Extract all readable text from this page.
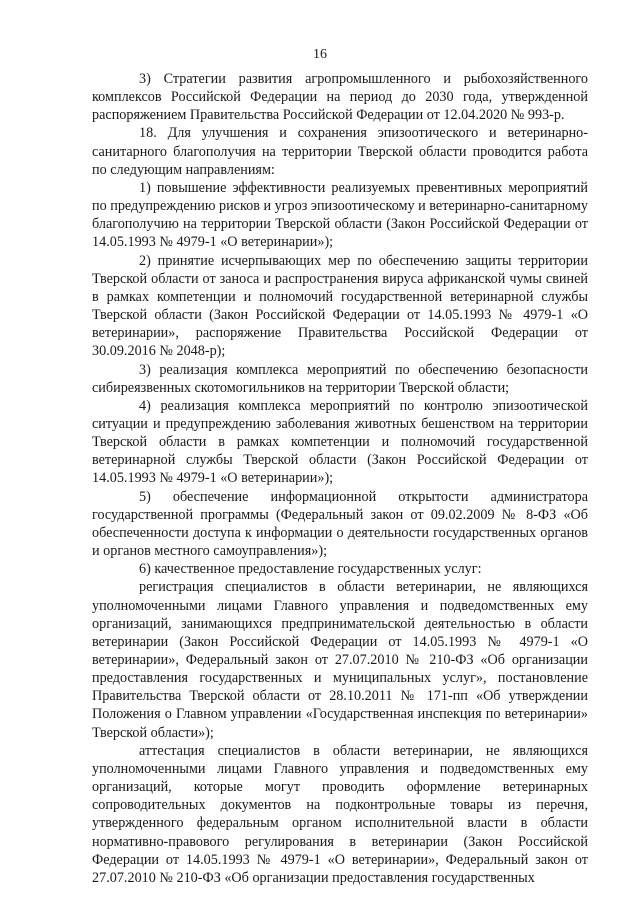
16

3) Стратегии развития агропромышленного и рыбохозяйственного комплексов Российской Федерации на период до 2030 года, утвержденной распоряжением Правительства Российской Федерации от 12.04.2020 № 993-р.

18. Для улучшения и сохранения эпизоотического и ветеринарно-санитарного благополучия на территории Тверской области проводится работа по следующим направлениям:

1) повышение эффективности реализуемых превентивных мероприятий по предупреждению рисков и угроз эпизоотическому и ветеринарно-санитарному благополучию на территории Тверской области (Закон Российской Федерации от 14.05.1993 № 4979-1 «О ветеринарии»);

2) принятие исчерпывающих мер по обеспечению защиты территории Тверской области от заноса и распространения вируса африканской чумы свиней в рамках компетенции и полномочий государственной ветеринарной службы Тверской области (Закон Российской Федерации от 14.05.1993 № 4979-1 «О ветеринарии», распоряжение Правительства Российской Федерации от 30.09.2016 № 2048-р);

3) реализация комплекса мероприятий по обеспечению безопасности сибиреязвенных скотомогильников на территории Тверской области;

4) реализация комплекса мероприятий по контролю эпизоотической ситуации и предупреждению заболевания животных бешенством на территории Тверской области в рамках компетенции и полномочий государственной ветеринарной службы Тверской области (Закон Российской Федерации от 14.05.1993 № 4979-1 «О ветеринарии»);

5) обеспечение информационной открытости администратора государственной программы (Федеральный закон от 09.02.2009 № 8-ФЗ «Об обеспеченности доступа к информации о деятельности государственных органов и органов местного самоуправления»);

6) качественное предоставление государственных услуг:

регистрация специалистов в области ветеринарии, не являющихся уполномоченными лицами Главного управления и подведомственных ему организаций, занимающихся предпринимательской деятельностью в области ветеринарии (Закон Российской Федерации от 14.05.1993 № 4979-1 «О ветеринарии», Федеральный закон от 27.07.2010 № 210-ФЗ «Об организации предоставления государственных и муниципальных услуг», постановление Правительства Тверской области от 28.10.2011 № 171-пп «Об утверждении Положения о Главном управлении «Государственная инспекция по ветеринарии» Тверской области»);

аттестация специалистов в области ветеринарии, не являющихся уполномоченными лицами Главного управления и подведомственных ему организаций, которые могут проводить оформление ветеринарных сопроводительных документов на подконтрольные товары из перечня, утвержденного федеральным органом исполнительной власти в области нормативно-правового регулирования в ветеринарии (Закон Российской Федерации от 14.05.1993 № 4979-1 «О ветеринарии», Федеральный закон от 27.07.2010 № 210-ФЗ «Об организации предоставления государственных
